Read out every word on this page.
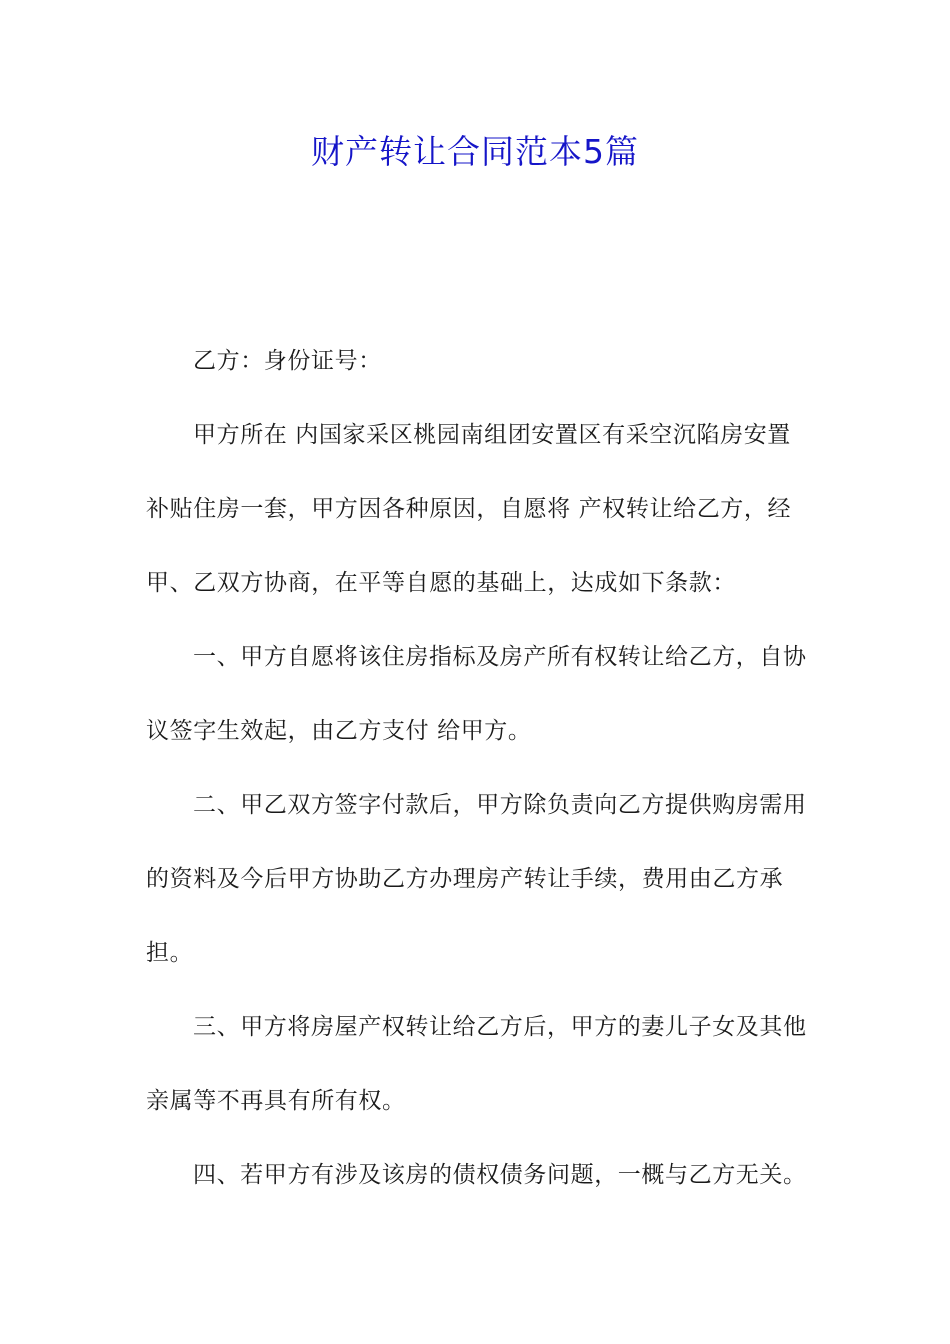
财产转让合同范本5篇

乙方：身份证号：

甲方所在 内国家采区桃园南组团安置区有采空沉陷房安置补贴住房一套，甲方因各种原因，自愿将 产权转让给乙方，经甲、乙双方协商，在平等自愿的基础上，达成如下条款：

一、甲方自愿将该住房指标及房产所有权转让给乙方，自协议签字生效起，由乙方支付 给甲方。

二、甲乙双方签字付款后，甲方除负责向乙方提供购房需用的资料及今后甲方协助乙方办理房产转让手续，费用由乙方承担。

三、甲方将房屋产权转让给乙方后，甲方的妻儿子女及其他亲属等不再具有所有权。

四、若甲方有涉及该房的债权债务问题，一概与乙方无关。
